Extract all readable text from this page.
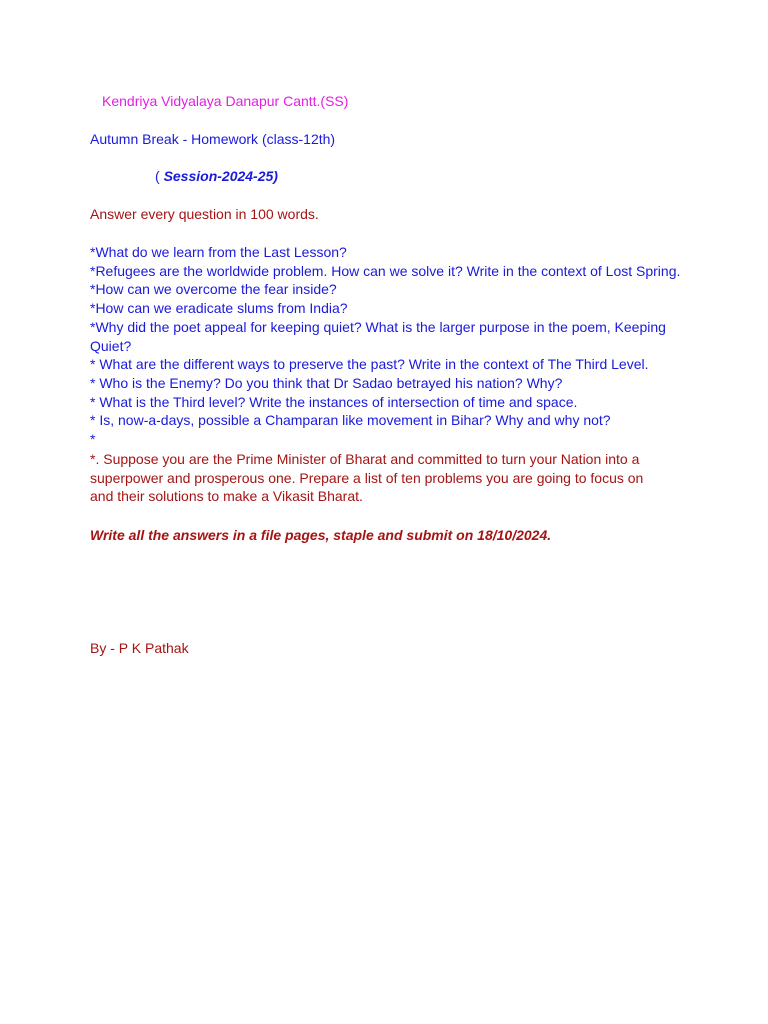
Kendriya Vidyalaya Danapur Cantt.(SS)
Autumn Break - Homework (class-12th)
( Session-2024-25)
Answer every question in 100 words.
*What do we learn from the Last Lesson?
*Refugees are the worldwide problem. How can we solve it? Write in the context of Lost Spring.
*How can we overcome the fear inside?
*How can we eradicate slums from India?
*Why did the poet appeal for keeping quiet? What is the larger purpose in the poem, Keeping Quiet?
* What are the different ways to preserve the past? Write in the context of The Third Level.
* Who is the Enemy? Do you think that Dr Sadao betrayed his nation? Why?
* What is the Third level? Write the instances of intersection of time and space.
* Is, now-a-days, possible a Champaran like movement in Bihar? Why and why not?
*
*. Suppose you are the Prime Minister of Bharat and committed to turn your Nation into a superpower and prosperous one. Prepare a list of ten problems you are going to focus on and their solutions to make a Vikasit Bharat.
Write all the answers in a file pages, staple and submit on 18/10/2024.
By - P K Pathak
